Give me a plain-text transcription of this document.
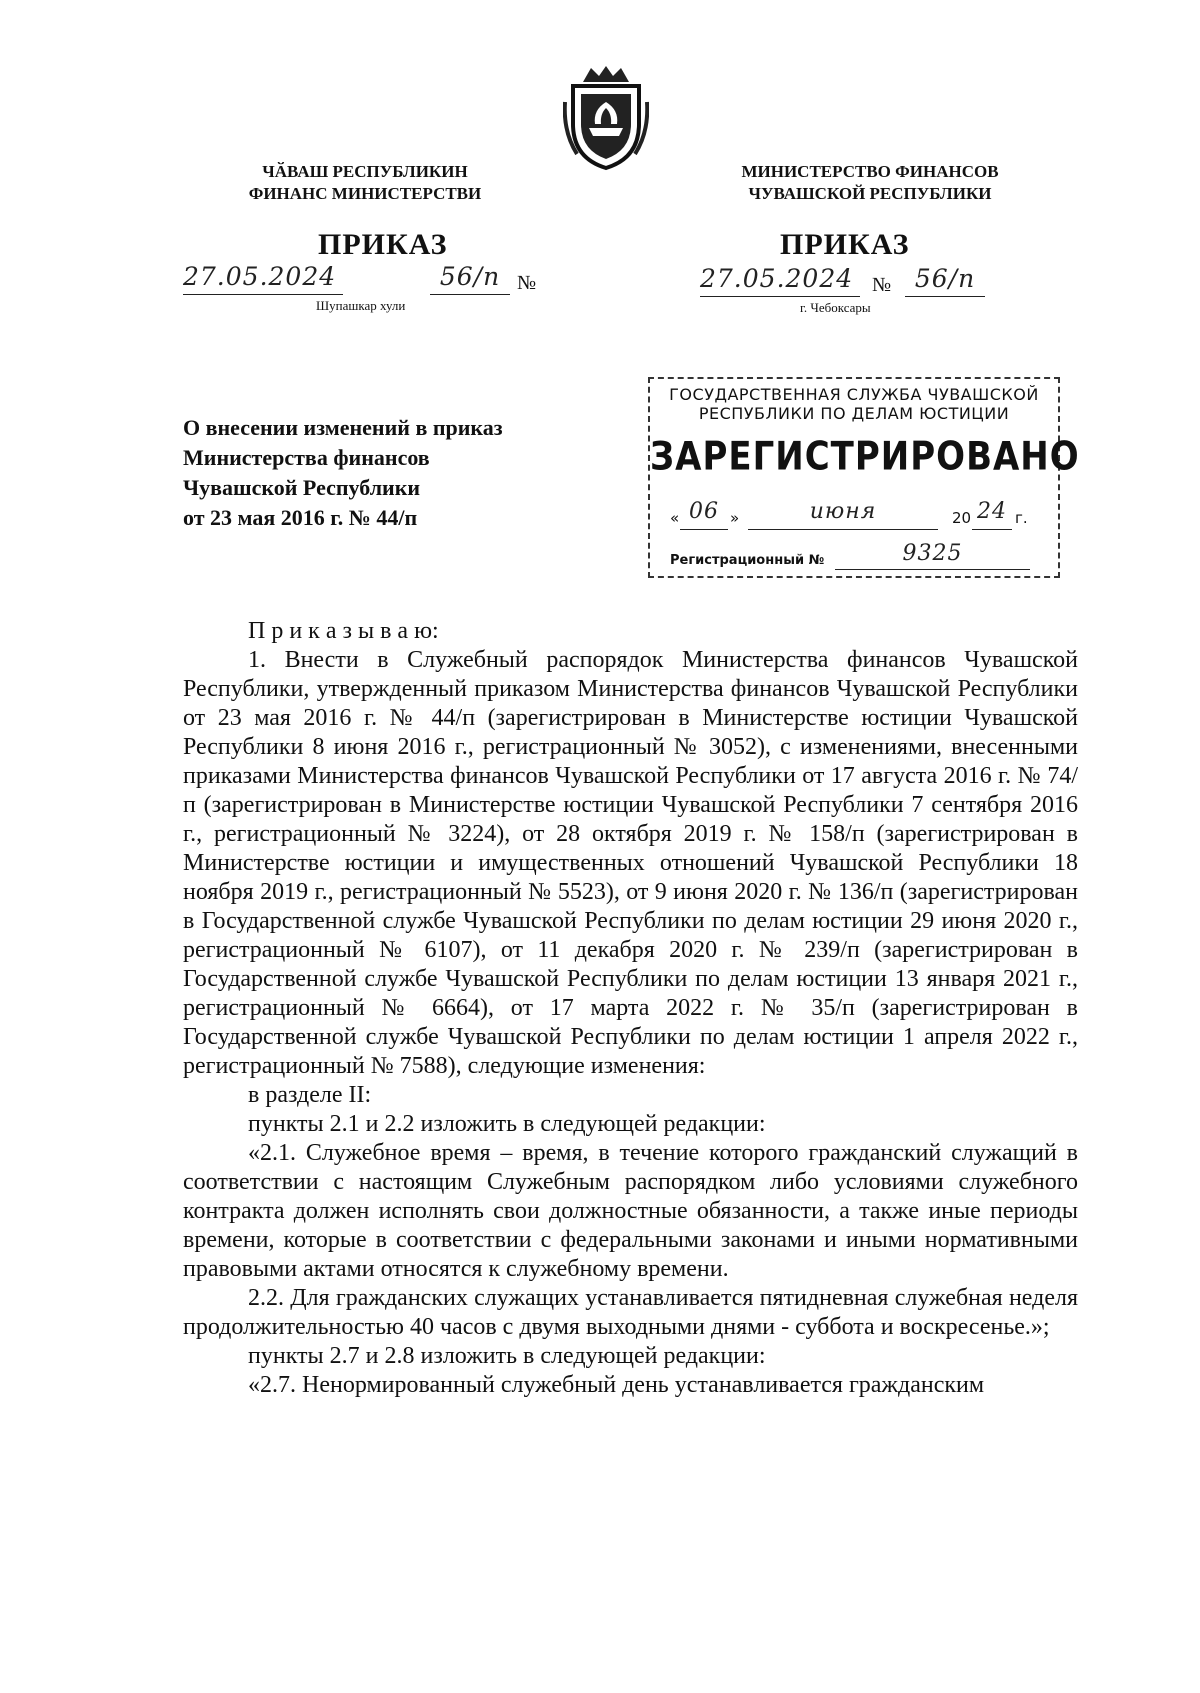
ЧӐВАШ РЕСПУБЛИКИН
ФИНАНС МИНИСТЕРСТВИ
МИНИСТЕРСТВО ФИНАНСОВ
ЧУВАШСКОЙ РЕСПУБЛИКИ
ПРИКАЗ	ПРИКАЗ
27.05.2024	56/п №
Шупашкар хули
27.05.2024 № 56/п
г. Чебоксары
О внесении изменений в приказ
Министерства финансов
Чувашской Республики
от 23 мая 2016 г. № 44/п
ГОСУДАРСТВЕННАЯ СЛУЖБА ЧУВАШСКОЙ
РЕСПУБЛИКИ ПО ДЕЛАМ ЮСТИЦИИ
ЗАРЕГИСТРИРОВАНО
« 06 »	июня	20 24 г.
Регистрационный №	9325

П р и к а з ы в а ю:

1. Внести в Служебный распорядок Министерства финансов Чувашской Республики, утвержденный приказом Министерства финансов Чувашской Республики от 23 мая 2016 г. № 44/п (зарегистрирован в Министерстве юстиции Чувашской Республики 8 июня 2016 г., регистрационный № 3052), с изменениями, внесенными приказами Министерства финансов Чувашской Республики от 17 августа 2016 г. № 74/п (зарегистрирован в Министерстве юстиции Чувашской Республики 7 сентября 2016 г., регистрационный № 3224), от 28 октября 2019 г. № 158/п (зарегистрирован в Министерстве юстиции и имущественных отношений Чувашской Республики 18 ноября 2019 г., регистрационный № 5523), от 9 июня 2020 г. № 136/п (зарегистрирован в Государственной службе Чувашской Республики по делам юстиции 29 июня 2020 г., регистрационный № 6107), от 11 декабря 2020 г. № 239/п (зарегистрирован в Государственной службе Чувашской Республики по делам юстиции 13 января 2021 г., регистрационный № 6664), от 17 марта 2022 г. № 35/п (зарегистрирован в Государственной службе Чувашской Республики по делам юстиции 1 апреля 2022 г., регистрационный № 7588), следующие изменения:

в разделе II:

пункты 2.1 и 2.2 изложить в следующей редакции:

«2.1. Служебное время – время, в течение которого гражданский служащий в соответствии с настоящим Служебным распорядком либо условиями служебного контракта должен исполнять свои должностные обязанности, а также иные периоды времени, которые в соответствии с федеральными законами и иными нормативными правовыми актами относятся к служебному времени.

2.2. Для гражданских служащих устанавливается пятидневная служебная неделя продолжительностью 40 часов с двумя выходными днями - суббота и воскресенье.»;

пункты 2.7 и 2.8 изложить в следующей редакции:

«2.7. Ненормированный служебный день устанавливается гражданским
